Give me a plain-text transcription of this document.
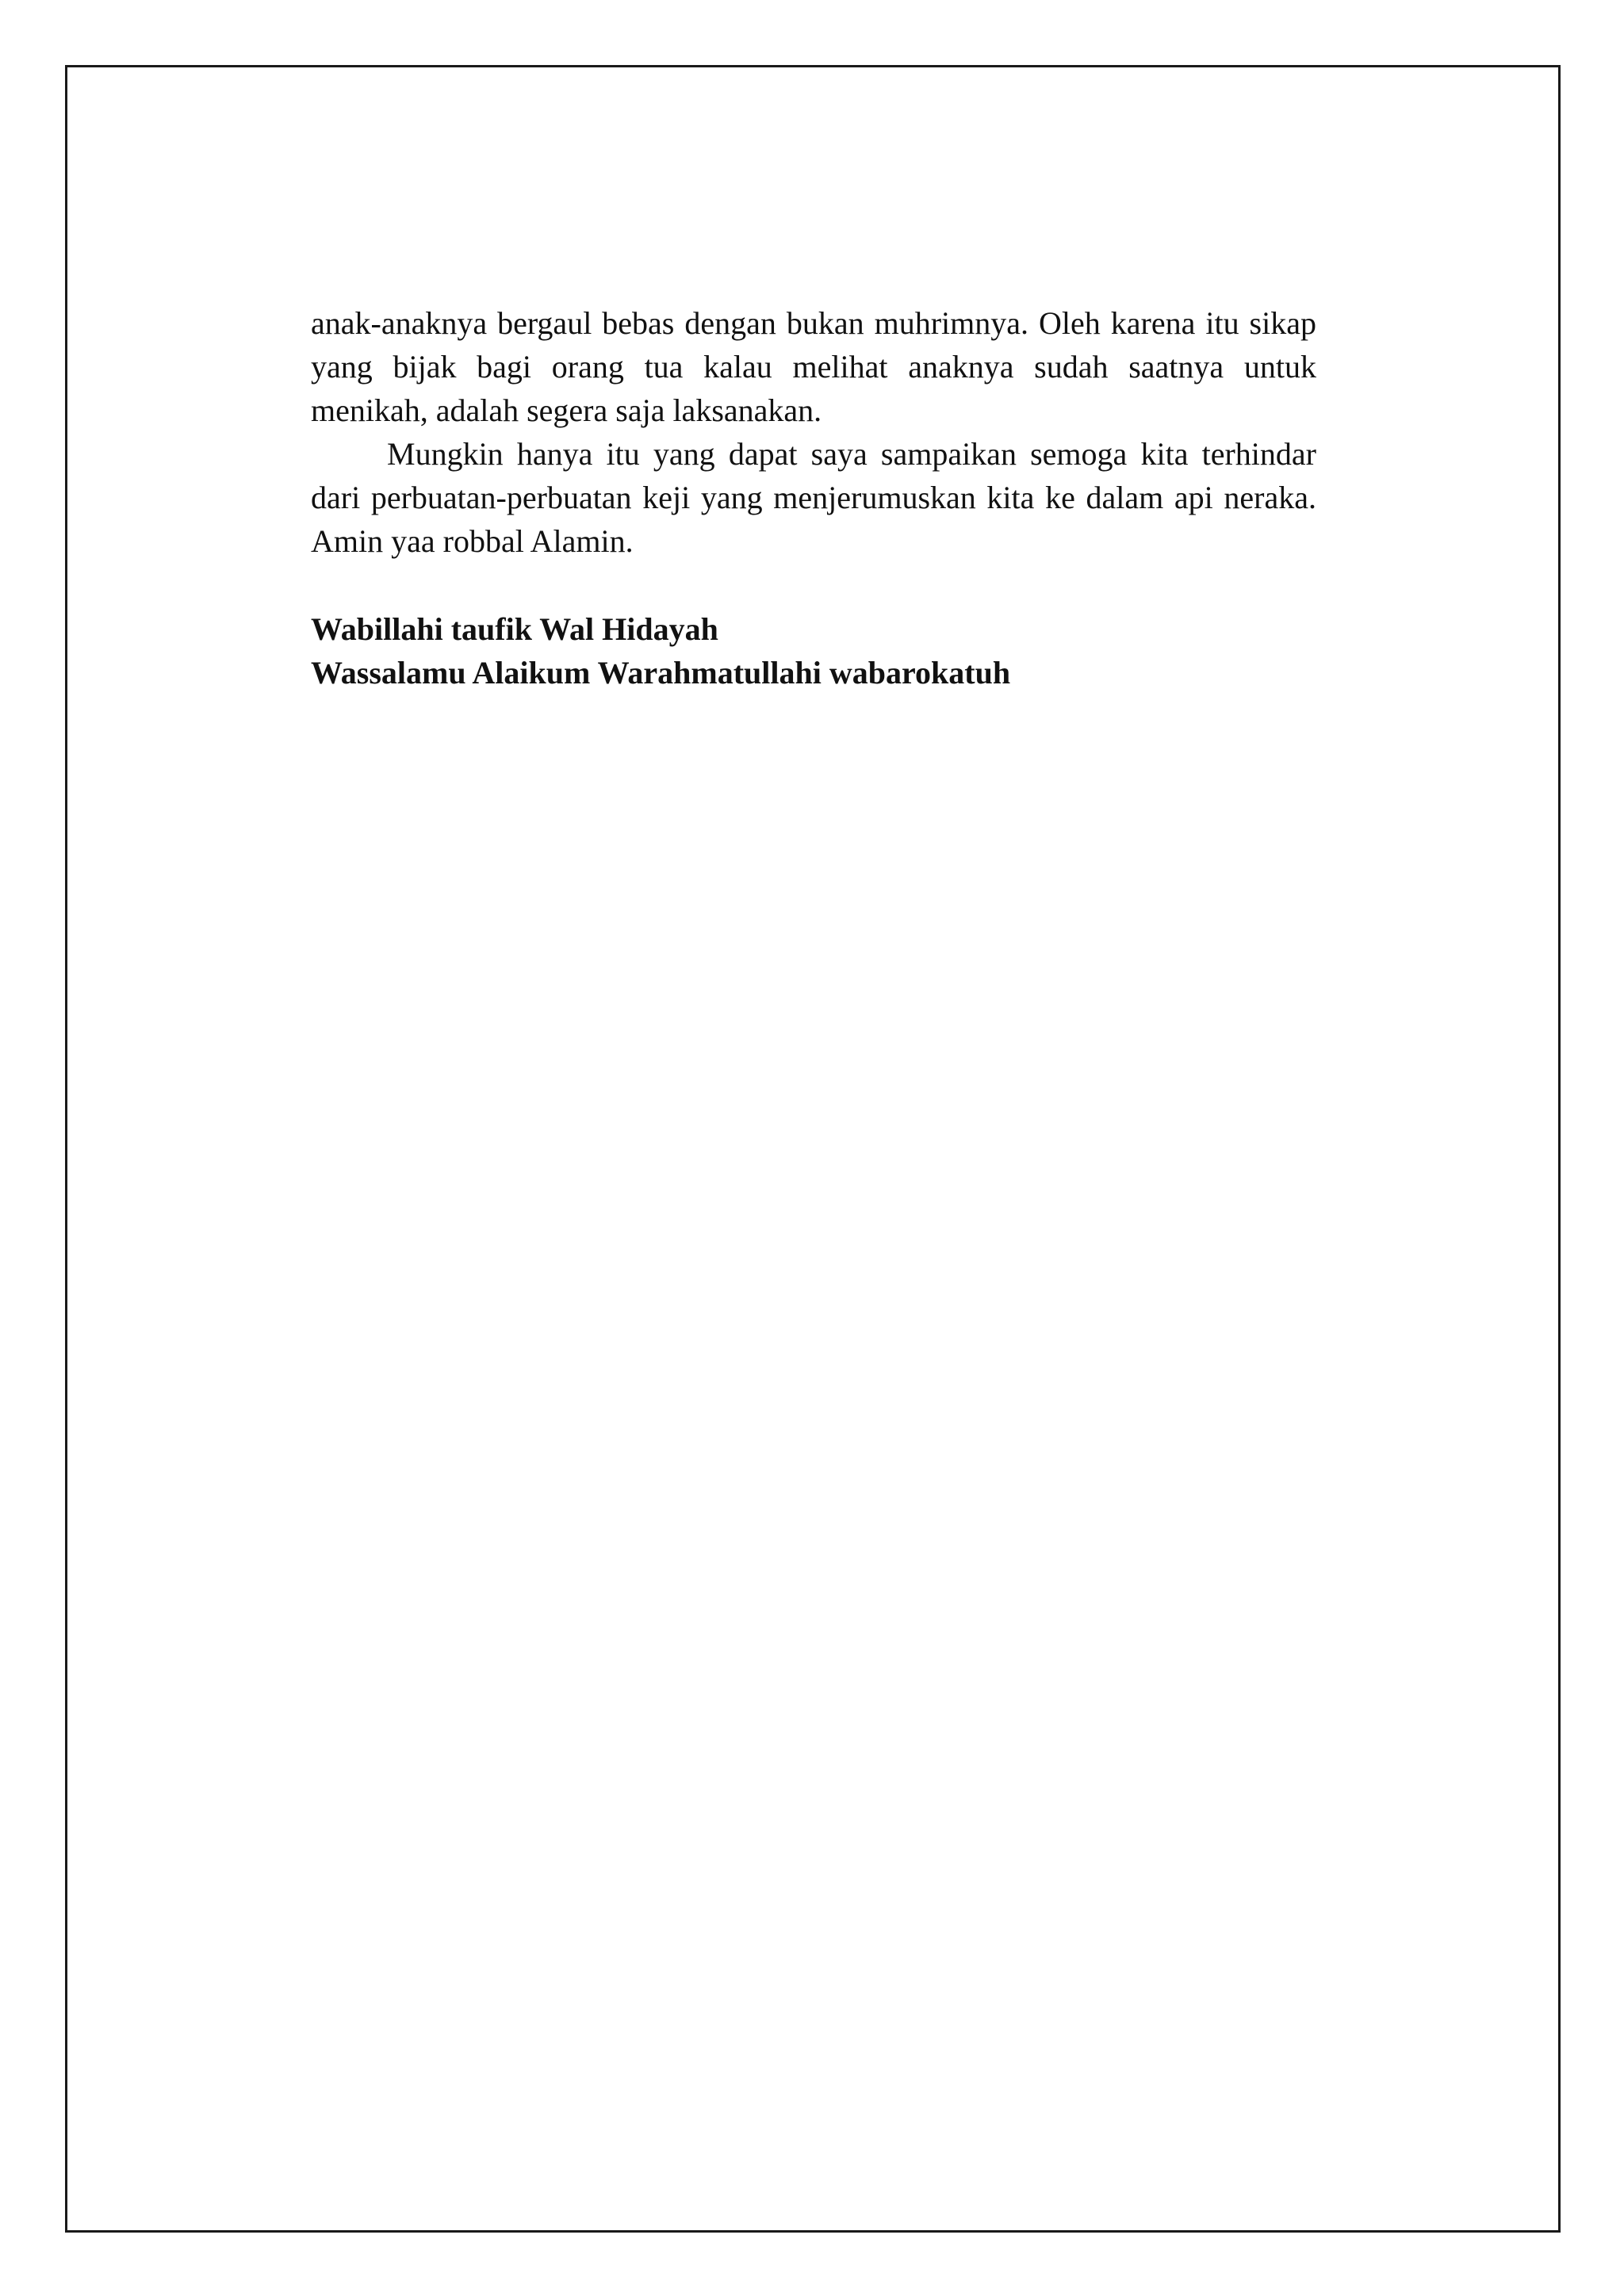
anak-anaknya bergaul bebas dengan bukan muhrimnya. Oleh karena itu sikap yang bijak bagi orang tua kalau melihat anaknya sudah saatnya untuk menikah, adalah segera saja laksanakan.

Mungkin hanya itu yang dapat saya sampaikan semoga kita terhindar dari perbuatan-perbuatan keji yang menjerumuskan kita ke dalam api neraka. Amin yaa robbal Alamin.

Wabillahi taufik Wal Hidayah

Wassalamu Alaikum Warahmatullahi wabarokatuh
